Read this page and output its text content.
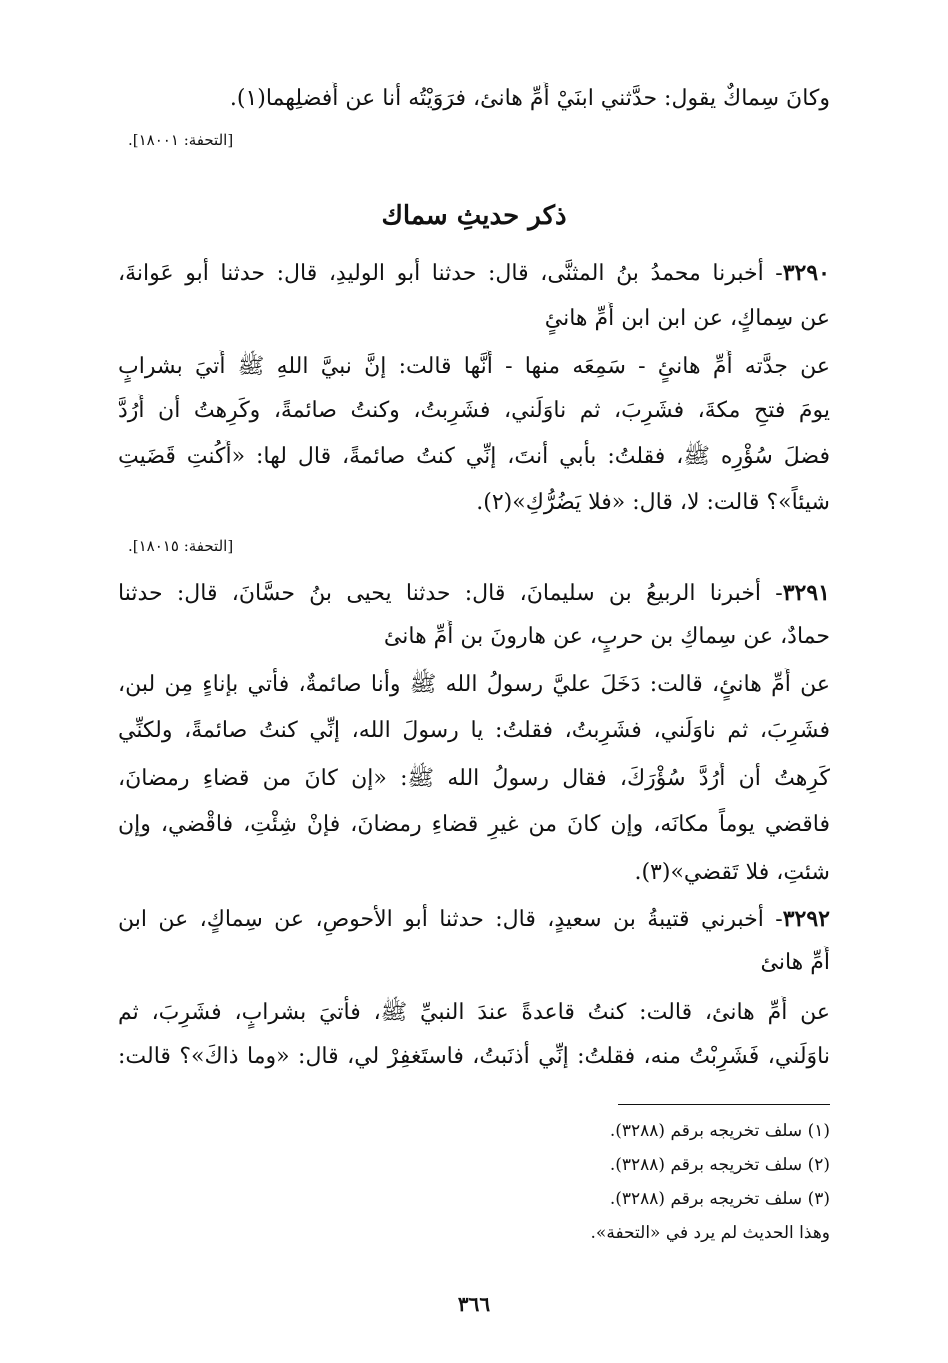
وكانَ سِماكٌ يقول: حدَّثني ابنَيْ أُمِّ هانئ، فرَوَيْتُه أنا عن أَفضلِهما(١).
[التحفة: ١٨٠٠١].
ذكر حديثِ سماك
٣٢٩٠- أخبرنا محمدُ بنُ المثنَّى، قال: حدثنا أبو الوليدِ، قال: حدثنا أبو عَوانةَ،
عن سِماكٍ، عن ابن ابن أُمِّ هانئٍ
عن جدَّته أُمِّ هانئٍ - سَمِعَه منها - أَنَّها قالت: إنَّ نبيَّ اللهِ ﷺ أُتيَ بشرابٍ
يومَ فتحِ مكةَ، فشَرِبَ، ثم ناوَلَني، فشَرِبتُ، وكنتُ صائمةً، وكَرِهتُ أن أَرُدَّ
فضلَ سُؤْرِه ﷺ، فقلتُ: بأبي أنتَ، إنِّي كنتُ صائمةً، قال لها: «أَكُنتِ قَضَيتِ
شيئاً»؟ قالت: لا، قال: «فلا يَضُرُّكِ»(٢).
[التحفة: ١٨٠١٥].
٣٢٩١- أخبرنا الربيعُ بن سليمانَ، قال: حدثنا يحيى بنُ حسَّانَ، قال: حدثنا
حمادٌ، عن سِماكِ بن حربٍ، عن هارونَ بن أُمِّ هانئ
عن أُمِّ هانئٍ، قالت: دَخَلَ عليَّ رسولُ الله ﷺ وأنا صائمةٌ، فأُتي بإناءٍ مِن لبن،
فشَرِبَ، ثم ناوَلَني، فشَرِبتُ، فقلتُ: يا رسولَ الله، إنِّي كنتُ صائمةً، ولكنِّي
كَرِهتُ أن أَرُدَّ سُؤْرَكَ، فقال رسولُ الله ﷺ: «إن كانَ من قضاءِ رمضانَ،
فاقضي يوماً مكانَه، وإن كانَ من غيرِ قضاءِ رمضانَ، فإنْ شِئْتِ، فاقْضي، وإن
شئتِ، فلا تَقضي»(٣).
٣٢٩٢- أخبرني قتيبةُ بن سعيدٍ، قال: حدثنا أبو الأحوصِ، عن سِماكٍ، عن ابن
أُمِّ هانئ
عن أُمِّ هانئ، قالت: كنتُ قاعدةً عندَ النبيِّ ﷺ، فأُتيَ بشرابٍ، فشَرِبَ، ثم
ناوَلَني، فَشَرِبْتُ منه، فقلتُ: إنِّي أذنَبتُ، فاستَغفِرْ لي، قال: «وما ذاكَ»؟ قالت:
(١) سلف تخريجه برقم (٣٢٨٨).
(٢) سلف تخريجه برقم (٣٢٨٨).
(٣) سلف تخريجه برقم (٣٢٨٨).
وهذا الحديث لم يرد في «التحفة».
٣٦٦
